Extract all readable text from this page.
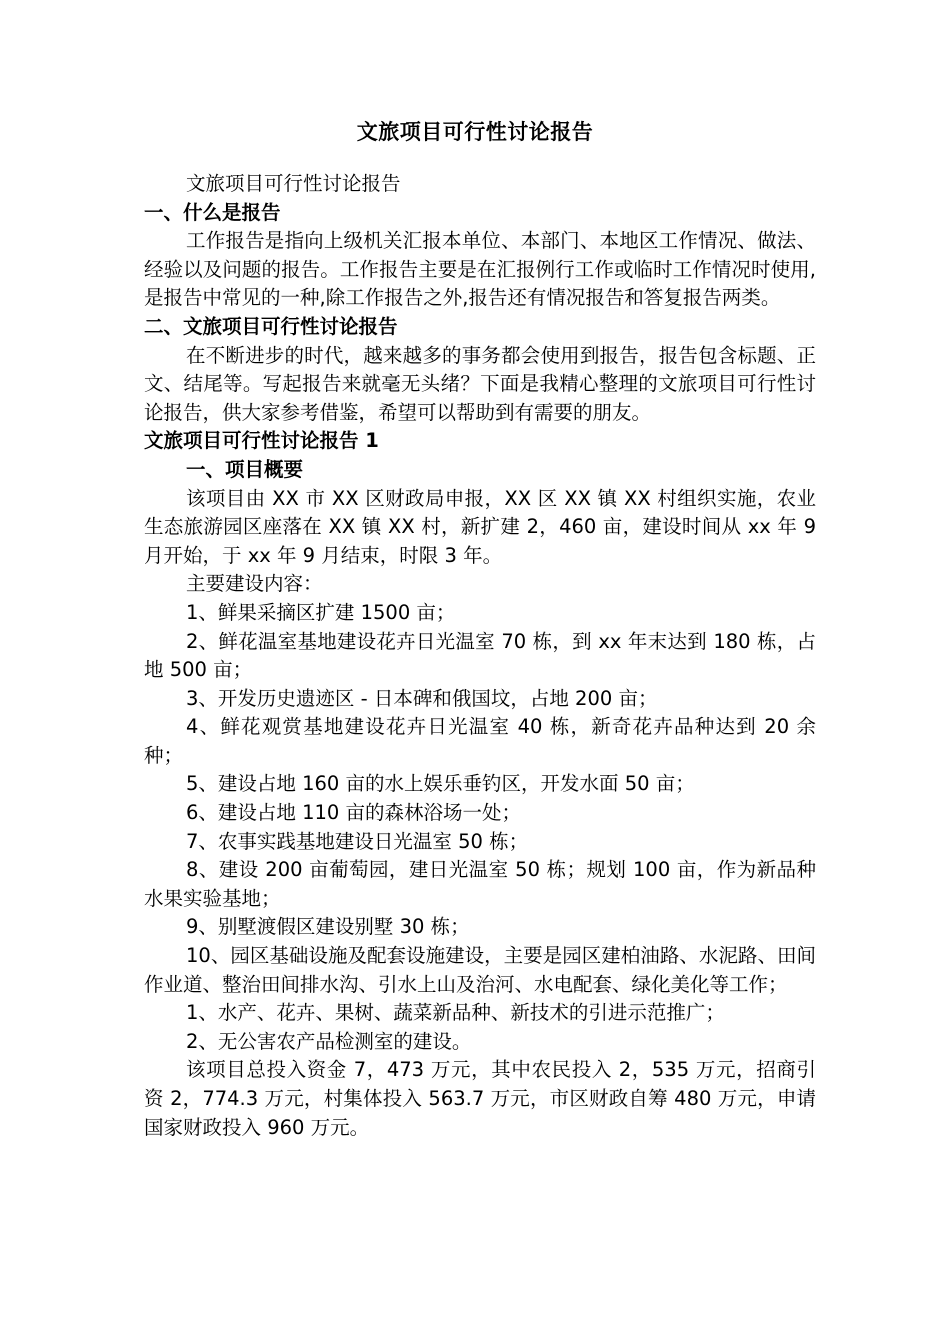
文旅项目可行性讨论报告

文旅项目可行性讨论报告

一、什么是报告

工作报告是指向上级机关汇报本单位、本部门、本地区工作情况、做法、经验以及问题的报告。工作报告主要是在汇报例行工作或临时工作情况时使用,是报告中常见的一种,除工作报告之外,报告还有情况报告和答复报告两类。

二、文旅项目可行性讨论报告

在不断进步的时代，越来越多的事务都会使用到报告，报告包含标题、正文、结尾等。写起报告来就毫无头绪？下面是我精心整理的文旅项目可行性讨论报告，供大家参考借鉴，希望可以帮助到有需要的朋友。

文旅项目可行性讨论报告 1

一、项目概要

该项目由 XX 市 XX 区财政局申报，XX 区 XX 镇 XX 村组织实施，农业生态旅游园区座落在 XX 镇 XX 村，新扩建 2，460 亩，建设时间从 xx 年 9 月开始，于 xx 年 9 月结束，时限 3 年。

主要建设内容：

1、鲜果采摘区扩建 1500 亩；

2、鲜花温室基地建设花卉日光温室 70 栋，到 xx 年末达到 180 栋，占地 500 亩；

3、开发历史遗迹区 - 日本碑和俄国坟，占地 200 亩；

4、鲜花观赏基地建设花卉日光温室 40 栋，新奇花卉品种达到 20 余种；

5、建设占地 160 亩的水上娱乐垂钓区，开发水面 50 亩；

6、建设占地 110 亩的森林浴场一处；

7、农事实践基地建设日光温室 50 栋；

8、建设 200 亩葡萄园，建日光温室 50 栋；规划 100 亩，作为新品种水果实验基地；

9、别墅渡假区建设别墅 30 栋；

10、园区基础设施及配套设施建设，主要是园区建柏油路、水泥路、田间作业道、整治田间排水沟、引水上山及治河、水电配套、绿化美化等工作；

1、水产、花卉、果树、蔬菜新品种、新技术的引进示范推广；

2、无公害农产品检测室的建设。

该项目总投入资金 7，473 万元，其中农民投入 2，535 万元，招商引资 2，774.3 万元，村集体投入 563.7 万元，市区财政自筹 480 万元，申请国家财政投入 960 万元。
